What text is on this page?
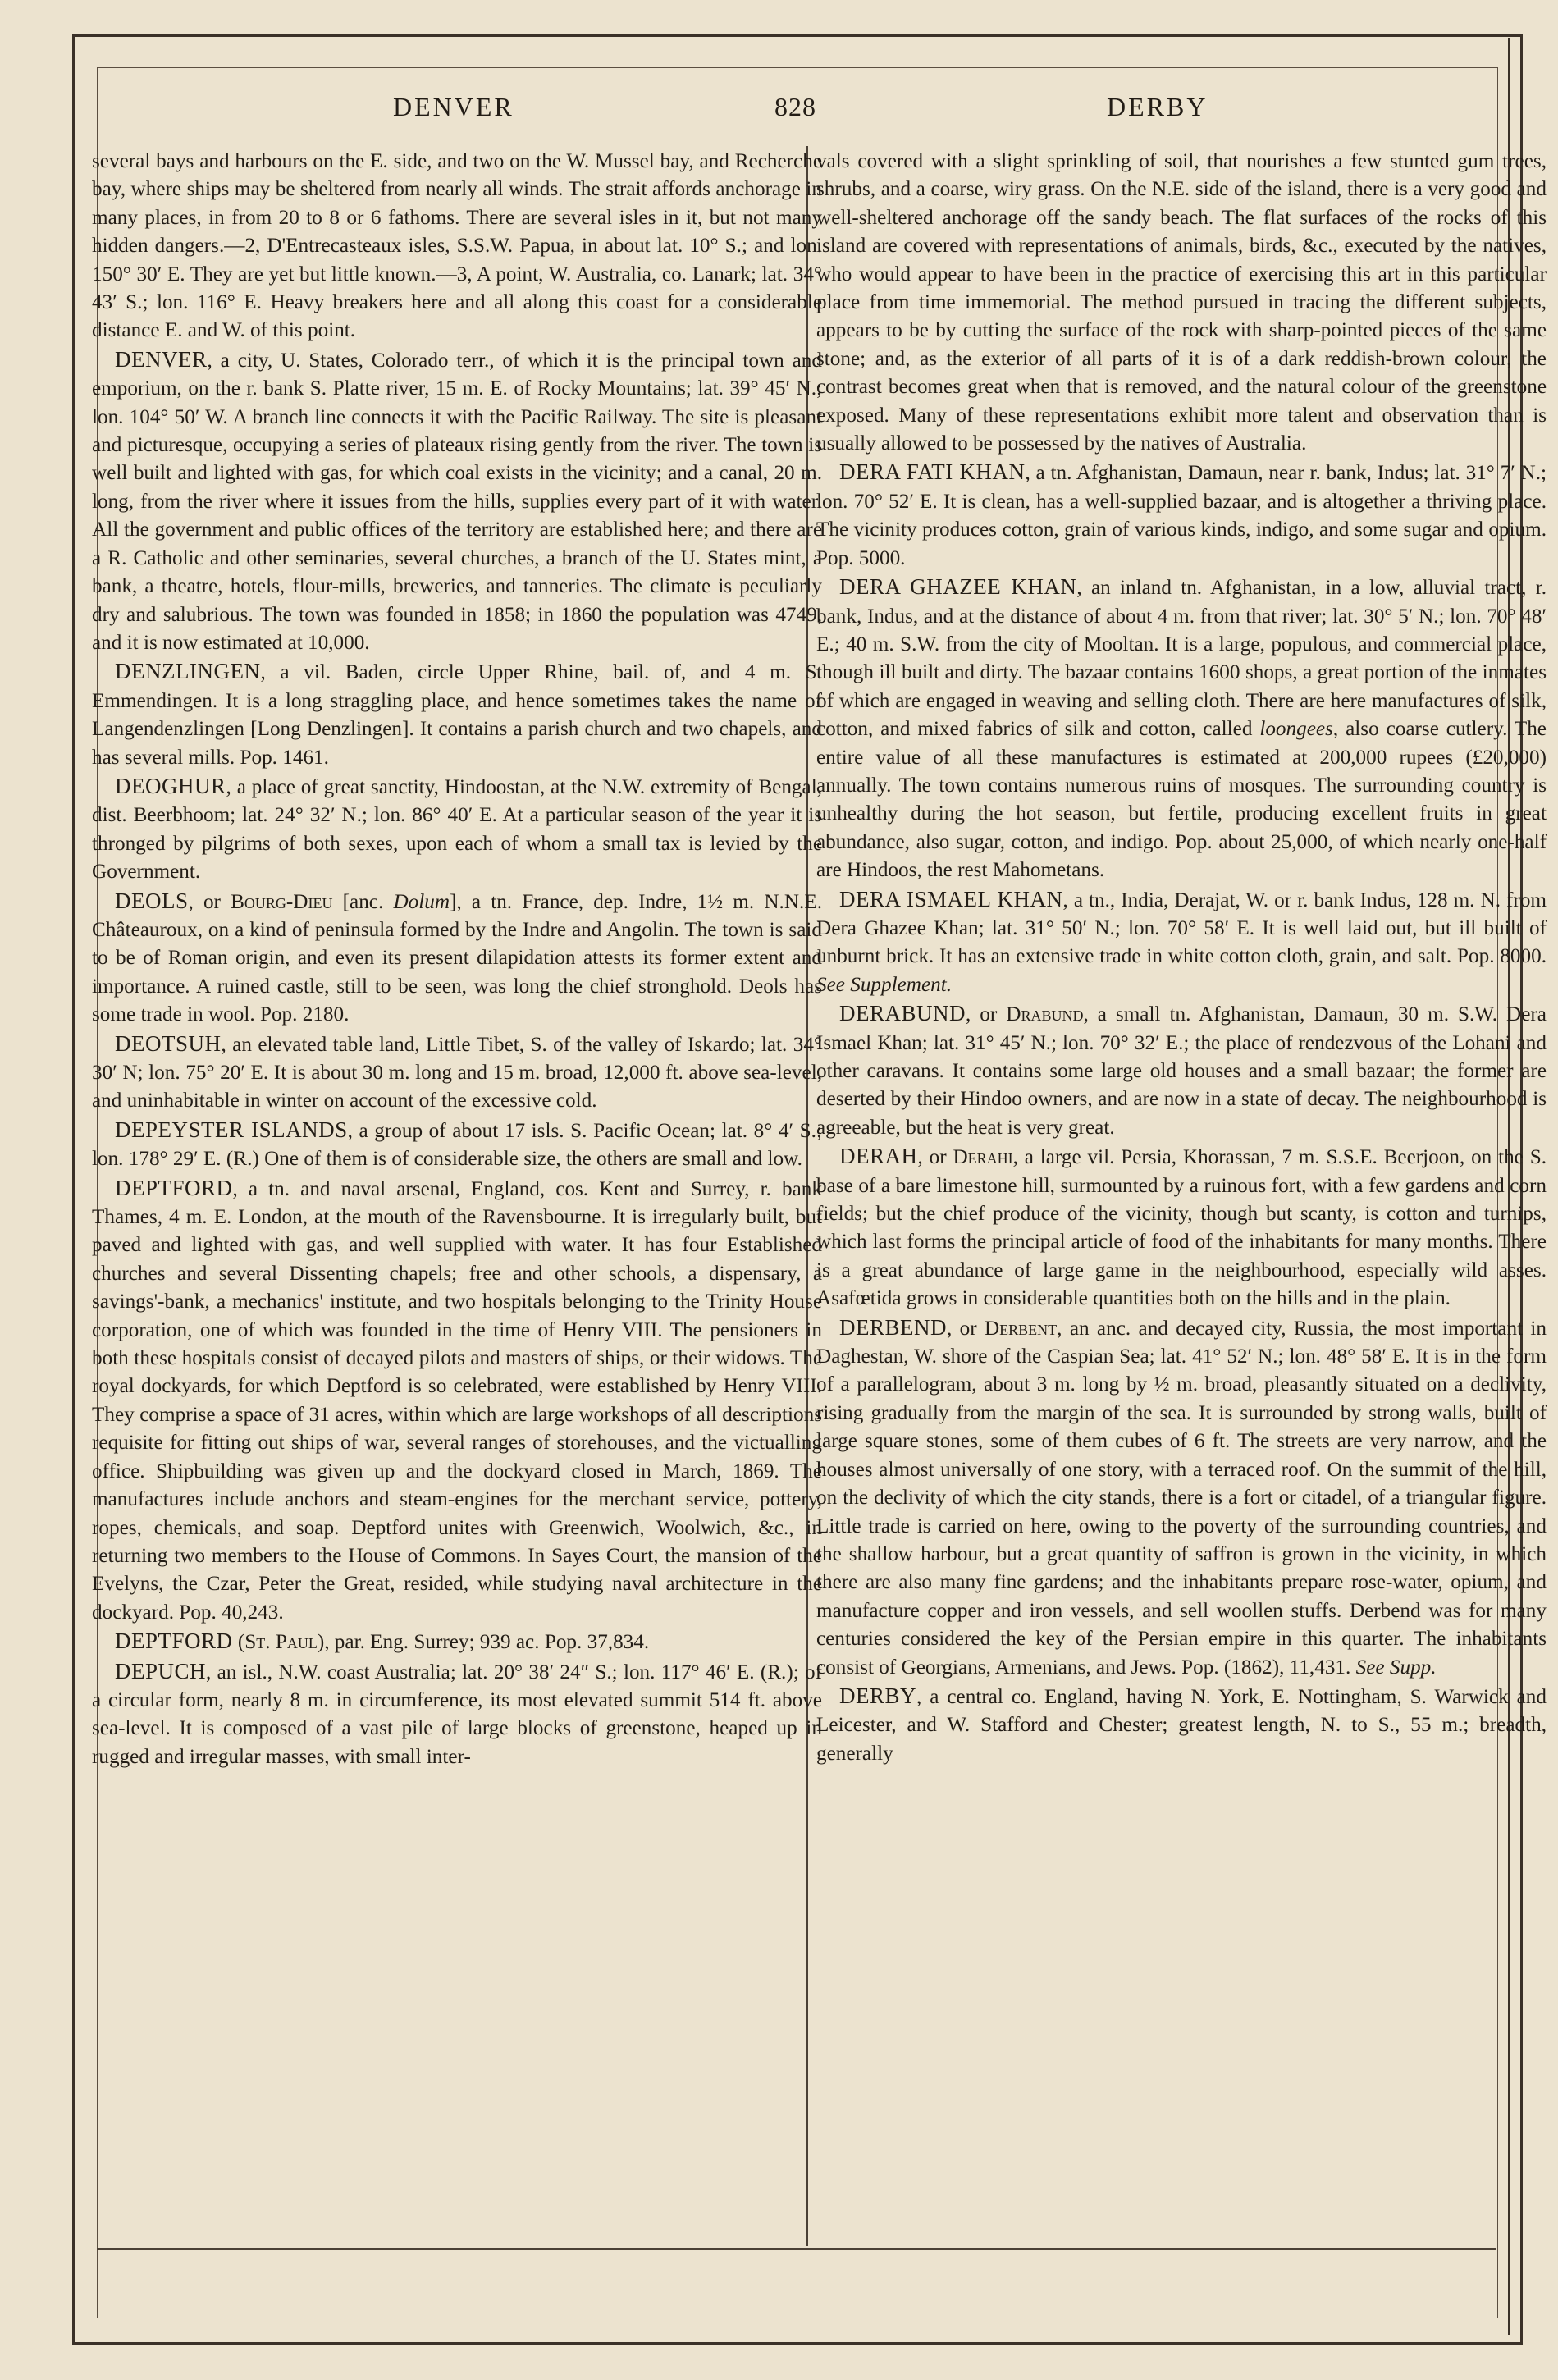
DENVER	828	DERBY

several bays and harbours on the E. side, and two on the W. Mussel bay, and Recherche bay, where ships may be sheltered from nearly all winds. The strait affords anchorage in many places, in from 20 to 8 or 6 fathoms. There are several isles in it, but not many hidden dangers.—2, D'Entrecasteaux isles, S.S.W. Papua, in about lat. 10° S.; and lon. 150° 30′ E. They are yet but little known.—3, A point, W. Australia, co. Lanark; lat. 34° 43′ S.; lon. 116° E. Heavy breakers here and all along this coast for a considerable distance E. and W. of this point.

DENVER, a city, U. States, Colorado terr., of which it is the principal town and emporium, on the r. bank S. Platte river, 15 m. E. of Rocky Mountains; lat. 39° 45′ N.; lon. 104° 50′ W. A branch line connects it with the Pacific Railway. The site is pleasant and picturesque, occupying a series of plateaux rising gently from the river. The town is well built and lighted with gas, for which coal exists in the vicinity; and a canal, 20 m. long, from the river where it issues from the hills, supplies every part of it with water. All the government and public offices of the territory are established here; and there are a R. Catholic and other seminaries, several churches, a branch of the U. States mint, a bank, a theatre, hotels, flour-mills, breweries, and tanneries. The climate is peculiarly dry and salubrious. The town was founded in 1858; in 1860 the population was 4749, and it is now estimated at 10,000.

DENZLINGEN, a vil. Baden, circle Upper Rhine, bail. of, and 4 m. S. Emmendingen. It is a long straggling place, and hence sometimes takes the name of Langendenzlingen [Long Denzlingen]. It contains a parish church and two chapels, and has several mills. Pop. 1461.

DEOGHUR, a place of great sanctity, Hindoostan, at the N.W. extremity of Bengal, dist. Beerbhoom; lat. 24° 32′ N.; lon. 86° 40′ E. At a particular season of the year it is thronged by pilgrims of both sexes, upon each of whom a small tax is levied by the Government.

DEOLS, or Bourg-Dieu [anc. Dolum], a tn. France, dep. Indre, 1½ m. N.N.E. Châteauroux, on a kind of peninsula formed by the Indre and Angolin. The town is said to be of Roman origin, and even its present dilapidation attests its former extent and importance. A ruined castle, still to be seen, was long the chief stronghold. Deols has some trade in wool. Pop. 2180.

DEOTSUH, an elevated table land, Little Tibet, S. of the valley of Iskardo; lat. 34° 30′ N; lon. 75° 20′ E. It is about 30 m. long and 15 m. broad, 12,000 ft. above sea-level, and uninhabitable in winter on account of the excessive cold.

DEPEYSTER ISLANDS, a group of about 17 isls. S. Pacific Ocean; lat. 8° 4′ S.; lon. 178° 29′ E. (R.) One of them is of considerable size, the others are small and low.

DEPTFORD, a tn. and naval arsenal, England, cos. Kent and Surrey, r. bank Thames, 4 m. E. London, at the mouth of the Ravensbourne. It is irregularly built, but paved and lighted with gas, and well supplied with water. It has four Established churches and several Dissenting chapels; free and other schools, a dispensary, a savings'-bank, a mechanics' institute, and two hospitals belonging to the Trinity House corporation, one of which was founded in the time of Henry VIII. The pensioners in both these hospitals consist of decayed pilots and masters of ships, or their widows. The royal dockyards, for which Deptford is so celebrated, were established by Henry VIII. They comprise a space of 31 acres, within which are large workshops of all descriptions requisite for fitting out ships of war, several ranges of storehouses, and the victualling office. Shipbuilding was given up and the dockyard closed in March, 1869. The manufactures include anchors and steam-engines for the merchant service, pottery, ropes, chemicals, and soap. Deptford unites with Greenwich, Woolwich, &c., in returning two members to the House of Commons. In Sayes Court, the mansion of the Evelyns, the Czar, Peter the Great, resided, while studying naval architecture in the dockyard. Pop. 40,243.

DEPTFORD (St. Paul), par. Eng. Surrey; 939 ac. Pop. 37,834.

DEPUCH, an isl., N.W. coast Australia; lat. 20° 38′ 24″ S.; lon. 117° 46′ E. (R.); of a circular form, nearly 8 m. in circumference, its most elevated summit 514 ft. above sea-level. It is composed of a vast pile of large blocks of greenstone, heaped up in rugged and irregular masses, with small inter-

vals covered with a slight sprinkling of soil, that nourishes a few stunted gum trees, shrubs, and a coarse, wiry grass. On the N.E. side of the island, there is a very good and well-sheltered anchorage off the sandy beach. The flat surfaces of the rocks of this island are covered with representations of animals, birds, &c., executed by the natives, who would appear to have been in the practice of exercising this art in this particular place from time immemorial. The method pursued in tracing the different subjects, appears to be by cutting the surface of the rock with sharp-pointed pieces of the same stone; and, as the exterior of all parts of it is of a dark reddish-brown colour, the contrast becomes great when that is removed, and the natural colour of the greenstone exposed. Many of these representations exhibit more talent and observation than is usually allowed to be possessed by the natives of Australia.

DERA FATI KHAN, a tn. Afghanistan, Damaun, near r. bank, Indus; lat. 31° 7′ N.; lon. 70° 52′ E. It is clean, has a well-supplied bazaar, and is altogether a thriving place. The vicinity produces cotton, grain of various kinds, indigo, and some sugar and opium. Pop. 5000.

DERA GHAZEE KHAN, an inland tn. Afghanistan, in a low, alluvial tract, r. bank, Indus, and at the distance of about 4 m. from that river; lat. 30° 5′ N.; lon. 70° 48′ E.; 40 m. S.W. from the city of Mooltan. It is a large, populous, and commercial place, though ill built and dirty. The bazaar contains 1600 shops, a great portion of the inmates of which are engaged in weaving and selling cloth. There are here manufactures of silk, cotton, and mixed fabrics of silk and cotton, called loongees, also coarse cutlery. The entire value of all these manufactures is estimated at 200,000 rupees (£20,000) annually. The town contains numerous ruins of mosques. The surrounding country is unhealthy during the hot season, but fertile, producing excellent fruits in great abundance, also sugar, cotton, and indigo. Pop. about 25,000, of which nearly one-half are Hindoos, the rest Mahometans.

DERA ISMAEL KHAN, a tn., India, Derajat, W. or r. bank Indus, 128 m. N. from Dera Ghazee Khan; lat. 31° 50′ N.; lon. 70° 58′ E. It is well laid out, but ill built of unburnt brick. It has an extensive trade in white cotton cloth, grain, and salt. Pop. 8000. See Supplement.

DERABUND, or Drabund, a small tn. Afghanistan, Damaun, 30 m. S.W. Dera Ismael Khan; lat. 31° 45′ N.; lon. 70° 32′ E.; the place of rendezvous of the Lohani and other caravans. It contains some large old houses and a small bazaar; the former are deserted by their Hindoo owners, and are now in a state of decay. The neighbourhood is agreeable, but the heat is very great.

DERAH, or Derahi, a large vil. Persia, Khorassan, 7 m. S.S.E. Beerjoon, on the S. base of a bare limestone hill, surmounted by a ruinous fort, with a few gardens and corn fields; but the chief produce of the vicinity, though but scanty, is cotton and turnips, which last forms the principal article of food of the inhabitants for many months. There is a great abundance of large game in the neighbourhood, especially wild asses. Asafœtida grows in considerable quantities both on the hills and in the plain.

DERBEND, or Derbent, an anc. and decayed city, Russia, the most important in Daghestan, W. shore of the Caspian Sea; lat. 41° 52′ N.; lon. 48° 58′ E. It is in the form of a parallelogram, about 3 m. long by ½ m. broad, pleasantly situated on a declivity, rising gradually from the margin of the sea. It is surrounded by strong walls, built of large square stones, some of them cubes of 6 ft. The streets are very narrow, and the houses almost universally of one story, with a terraced roof. On the summit of the hill, on the declivity of which the city stands, there is a fort or citadel, of a triangular figure. Little trade is carried on here, owing to the poverty of the surrounding countries, and the shallow harbour, but a great quantity of saffron is grown in the vicinity, in which there are also many fine gardens; and the inhabitants prepare rose-water, opium, and manufacture copper and iron vessels, and sell woollen stuffs. Derbend was for many centuries considered the key of the Persian empire in this quarter. The inhabitants consist of Georgians, Armenians, and Jews. Pop. (1862), 11,431. See Supp.

DERBY, a central co. England, having N. York, E. Nottingham, S. Warwick and Leicester, and W. Stafford and Chester; greatest length, N. to S., 55 m.; breadth, generally
